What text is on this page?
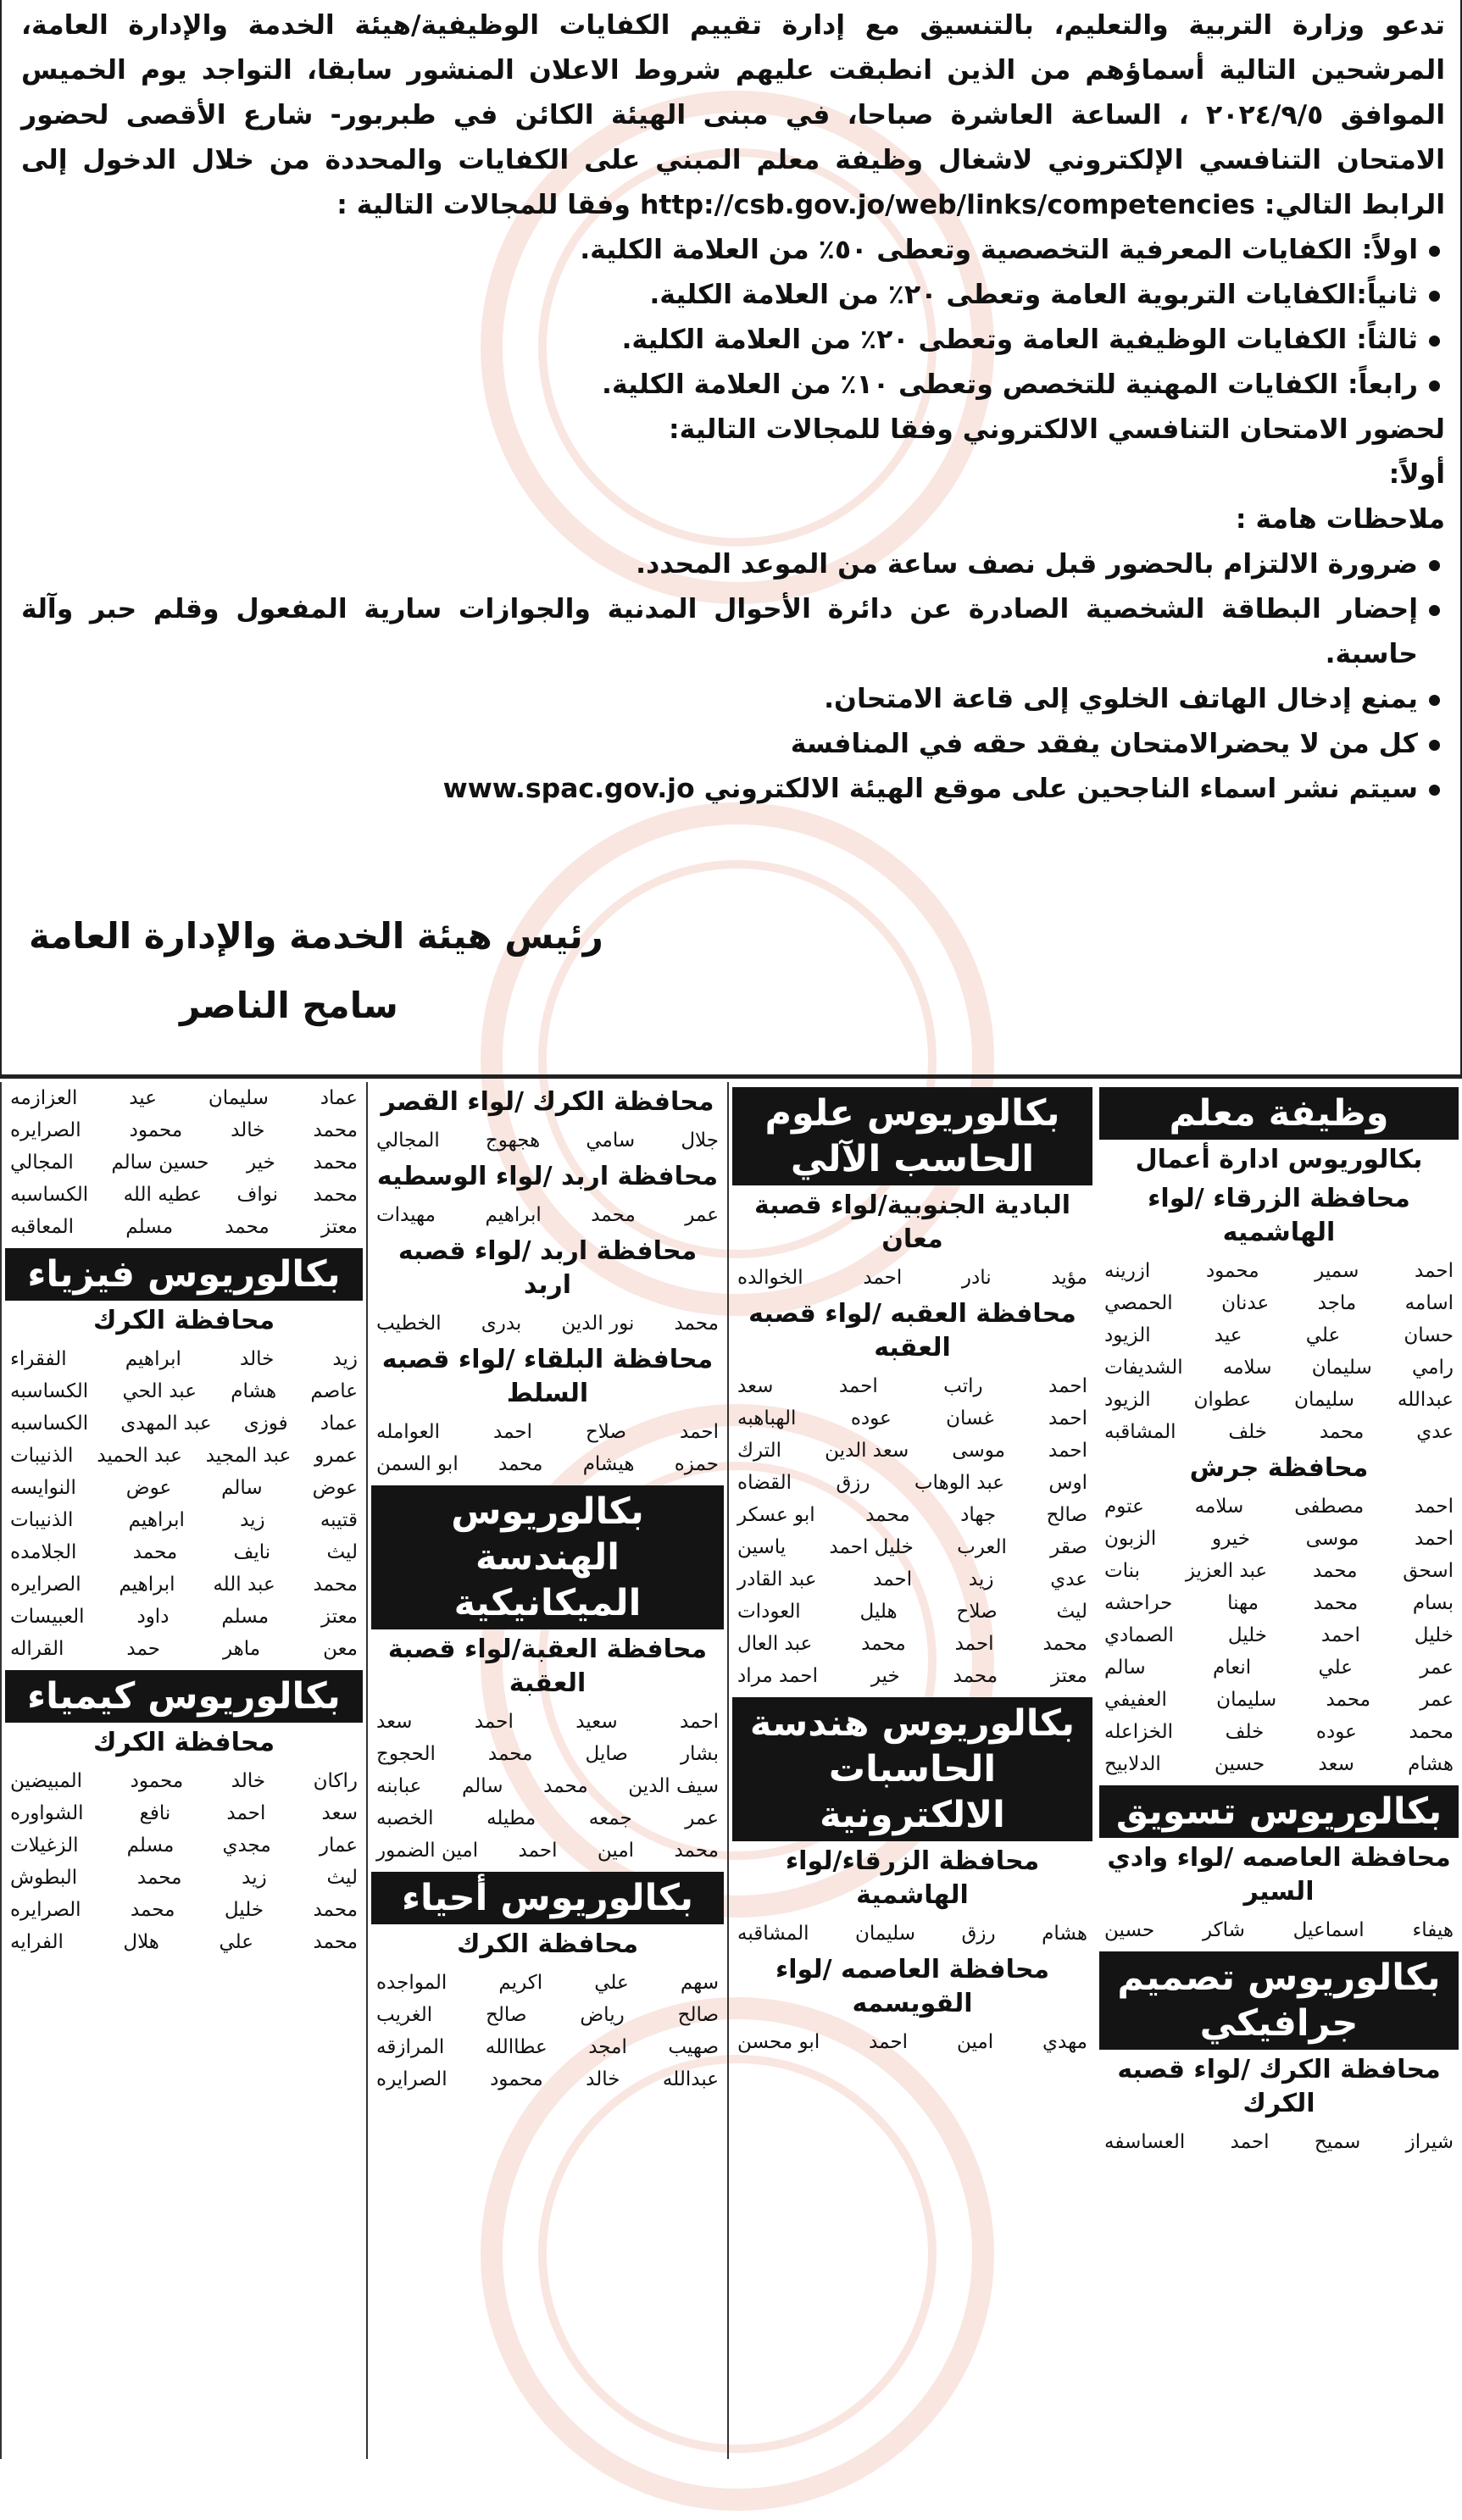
تدعو وزارة التربية والتعليم، بالتنسيق مع إدارة تقييم الكفايات الوظيفية/هيئة الخدمة والإدارة العامة، المرشحين التالية أسماؤهم من الذين انطبقت عليهم شروط الاعلان المنشور سابقا، التواجد يوم الخميس الموافق ٢٠٢٤/٩/٥ ، الساعة العاشرة صباحا، في مبنى الهيئة الكائن في طبربور- شارع الأقصى لحضور الامتحان التنافسي الإلكتروني لاشغال وظيفة معلم المبني على الكفايات والمحددة من خلال الدخول إلى الرابط التالي: http://csb.gov.jo/web/links/competencies وفقا للمجالات التالية :

اولاً: الكفايات المعرفية التخصصية وتعطى ٥٠٪ من العلامة الكلية.
ثانياً:الكفايات التربوية العامة وتعطى ٢٠٪ من العلامة الكلية.
ثالثاً: الكفايات الوظيفية العامة وتعطى ٢٠٪ من العلامة الكلية.
رابعاً: الكفايات المهنية للتخصص وتعطى ١٠٪ من العلامة الكلية.

لحضور الامتحان التنافسي الالكتروني وفقا للمجالات التالية:

أولاً:

ملاحظات هامة :

ضرورة الالتزام بالحضور قبل نصف ساعة من الموعد المحدد.
إحضار البطاقة الشخصية الصادرة عن دائرة الأحوال المدنية والجوازات سارية المفعول وقلم حبر وآلة حاسبة.
يمنع إدخال الهاتف الخلوي إلى قاعة الامتحان.
كل من لا يحضرالامتحان يفقد حقه في المنافسة
سيتم نشر اسماء الناجحين على موقع الهيئة الالكتروني www.spac.gov.jo
رئيس هيئة الخدمة والإدارة العامة
سامح الناصر
وظيفة معلم
بكالوريوس ادارة أعمال
محافظة الزرقاء /لواء الهاشميه
احمد
سمير
محمود
ازرينه
اسامه
ماجد
عدنان
الحمصي
حسان
علي
عيد
الزيود
رامي
سليمان
سلامه
الشديفات
عبدالله
سليمان
عطوان
الزيود
عدي
محمد
خلف
المشاقبه
محافظة جرش
احمد
مصطفى
سلامه
عتوم
احمد
موسى
خيرو
الزبون
اسحق
محمد
عبد العزيز
بنات
بسام
محمد
مهنا
حراحشه
خليل
احمد
خليل
الصمادي
عمر
علي
انعام
سالم
عمر
محمد
سليمان
العفيفي
محمد
عوده
خلف
الخزاعله
هشام
سعد
حسين
الدلابيح
بكالوريوس تسويق
محافظة العاصمه /لواء وادي السير
هيفاء
اسماعيل
شاكر
حسين
بكالوريوس تصميم جرافيكي
محافظة الكرك /لواء قصبه الكرك
شيراز
سميح
احمد
العساسفه
بكالوريوس علوم الحاسب الآلي
البادية الجنوبية/لواء قصبة معان
مؤيد
نادر
احمد
الخوالده
محافظة العقبه /لواء قصبه العقبه
احمد
راتب
احمد
سعد
احمد
غسان
عوده
الهباهبه
احمد
موسى
سعد الدين
الترك
اوس
عبد الوهاب
رزق
القضاه
صالح
جهاد
محمد
ابو عسكر
صقر
العرب
خليل احمد
ياسين
عدي
زيد
احمد
عبد القادر
ليث
صلاح
هليل
العودات
محمد
احمد
محمد
عبد العال
معتز
محمد
خير
احمد مراد
بكالوريوس هندسة الحاسبات الالكترونية
محافظة الزرقاء/لواء الهاشمية
هشام
رزق
سليمان
المشاقبه
محافظة العاصمه /لواء القويسمه
مهدي
امين
احمد
ابو محسن
محافظة الكرك /لواء القصر
جلال
سامي
هجهوج
المجالي
محافظة اربد /لواء الوسطيه
عمر
محمد
ابراهيم
مهيدات
محافظة اربد /لواء قصبه اربد
محمد
نور الدين
بدرى
الخطيب
محافظة البلقاء /لواء قصبه السلط
احمد
صلاح
احمد
العوامله
حمزه
هيشام
محمد
ابو السمن
بكالوريوس الهندسة الميكانيكية
محافظة العقبة/لواء قصبة العقبة
احمد
سعيد
احمد
سعد
بشار
صايل
محمد
الحجوج
سيف الدين
محمد
سالم
عبابنه
عمر
جمعه
مطيله
الخصبه
محمد
امين
احمد
امين الضمور
بكالوريوس أحياء
محافظة الكرك
سهم
علي
اكريم
المواجده
صالح
رياض
صالح
الغريب
صهيب
امجد
عطاالله
المرازقه
عبدالله
خالد
محمود
الصرايره
عماد
سليمان
عيد
العزازمه
محمد
خالد
محمود
الصرايره
محمد
خير
حسين سالم
المجالي
محمد
نواف
عطيه الله
الكساسبه
معتز
محمد
مسلم
المعاقبه
بكالوريوس فيزياء
محافظة الكرك
زيد
خالد
ابراهيم
الفقراء
عاصم
هشام
عبد الحي
الكساسبه
عماد
فوزى
عبد المهدى
الكساسبه
عمرو
عبد المجيد
عبد الحميد
الذنيبات
عوض
سالم
عوض
النوايسه
قتيبه
زيد
ابراهيم
الذنيبات
ليث
نايف
محمد
الجلامده
محمد
عبد الله
ابراهيم
الصرايره
معتز
مسلم
داود
العبيسات
معن
ماهر
حمد
القراله
بكالوريوس كيمياء
محافظة الكرك
راكان
خالد
محمود
المبيضين
سعد
احمد
نافع
الشواوره
عمار
مجدي
مسلم
الزغيلات
ليث
زيد
محمد
البطوش
محمد
خليل
محمد
الصرايره
محمد
علي
هلال
الفرايه
